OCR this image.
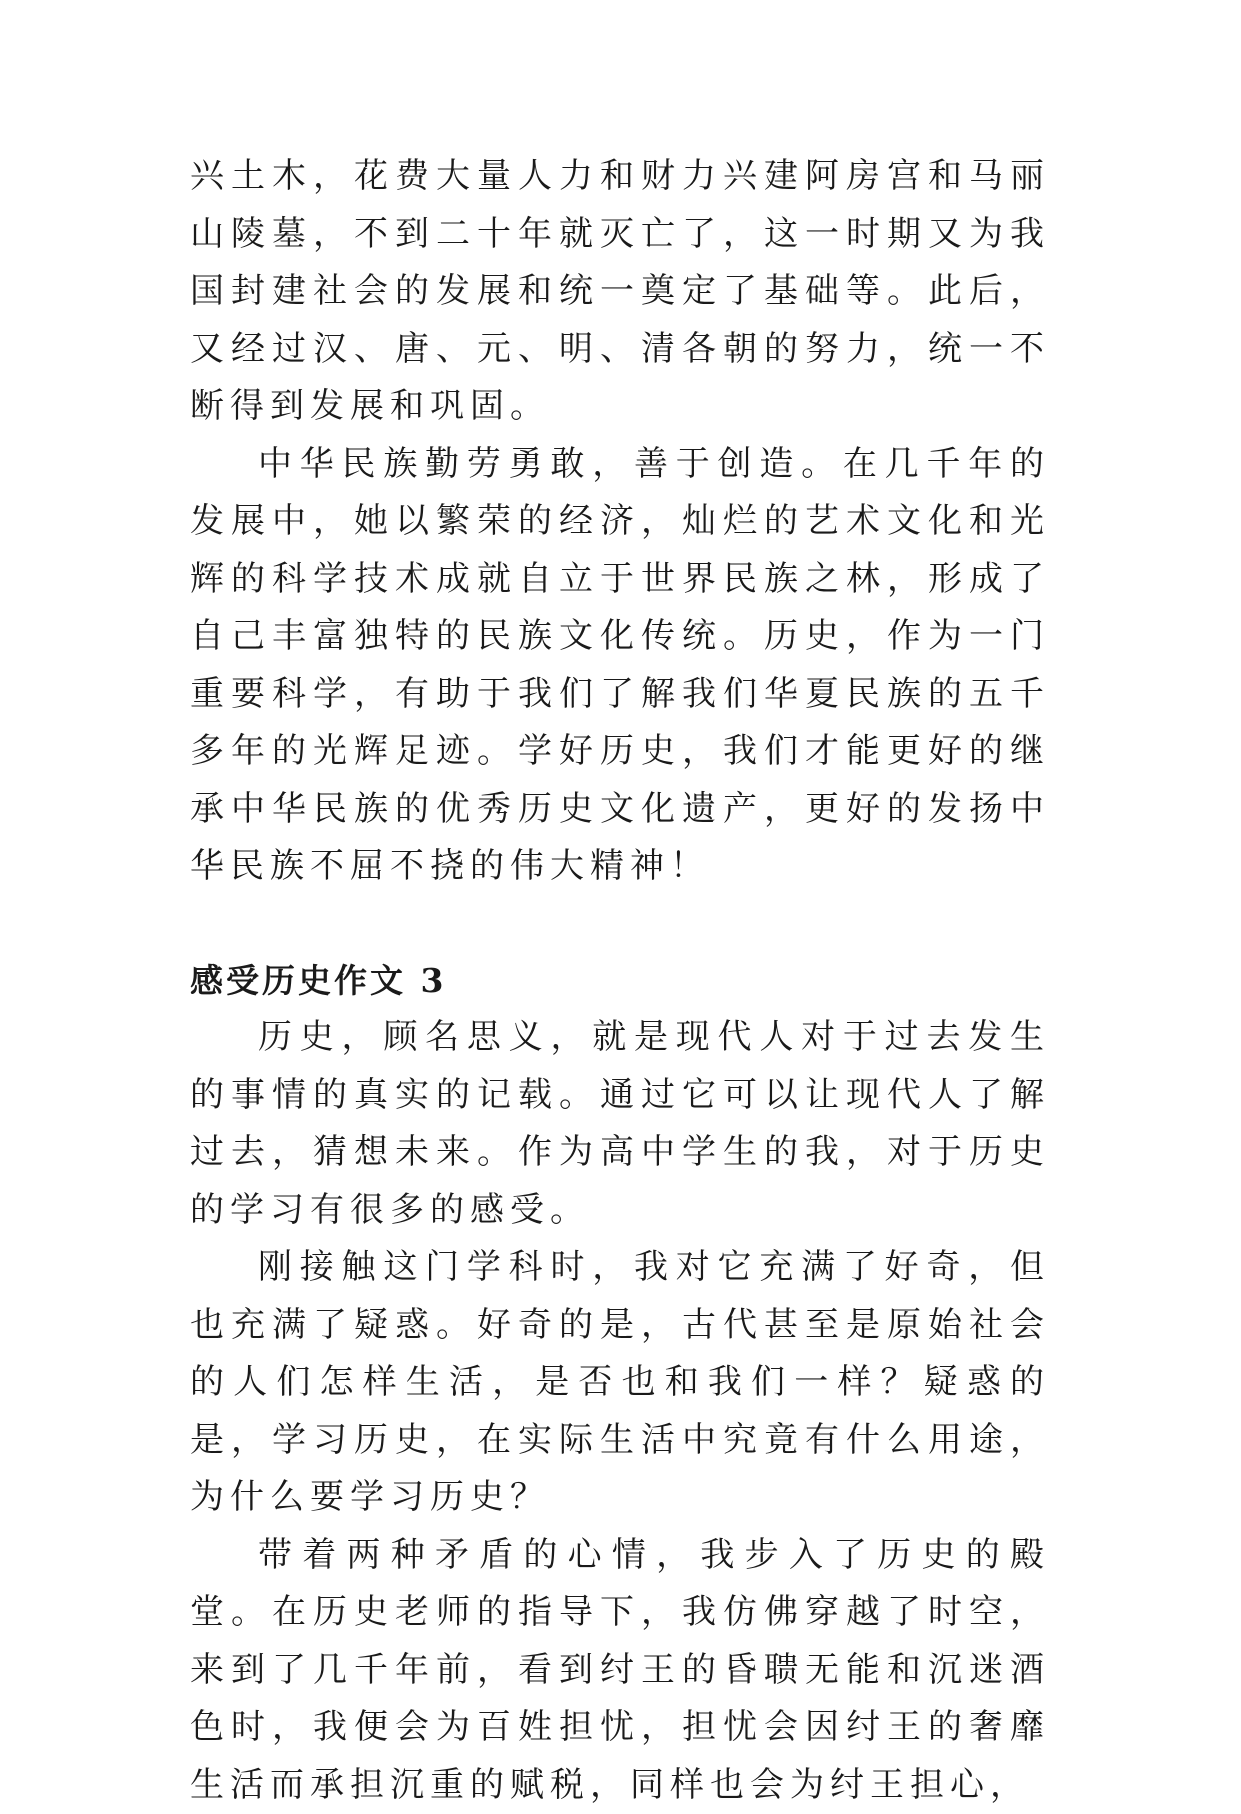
兴土木，花费大量人力和财力兴建阿房宫和马丽山陵墓，不到二十年就灭亡了，这一时期又为我国封建社会的发展和统一奠定了基础等。此后，又经过汉、唐、元、明、清各朝的努力，统一不断得到发展和巩固。

中华民族勤劳勇敢，善于创造。在几千年的发展中，她以繁荣的经济，灿烂的艺术文化和光辉的科学技术成就自立于世界民族之林，形成了自己丰富独特的民族文化传统。历史，作为一门重要科学，有助于我们了解我们华夏民族的五千多年的光辉足迹。学好历史，我们才能更好的继承中华民族的优秀历史文化遗产，更好的发扬中华民族不屈不挠的伟大精神！

感受历史作文 3

历史，顾名思义，就是现代人对于过去发生的事情的真实的记载。通过它可以让现代人了解过去，猜想未来。作为高中学生的我，对于历史的学习有很多的感受。

刚接触这门学科时，我对它充满了好奇，但也充满了疑惑。好奇的是，古代甚至是原始社会的人们怎样生活，是否也和我们一样？疑惑的是，学习历史，在实际生活中究竟有什么用途，为什么要学习历史？

带着两种矛盾的心情，我步入了历史的殿堂。在历史老师的指导下，我仿佛穿越了时空，来到了几千年前，看到纣王的昏聩无能和沉迷酒色时，我便会为百姓担忧，担忧会因纣王的奢靡生活而承担沉重的赋税，同样也会为纣王担心，
